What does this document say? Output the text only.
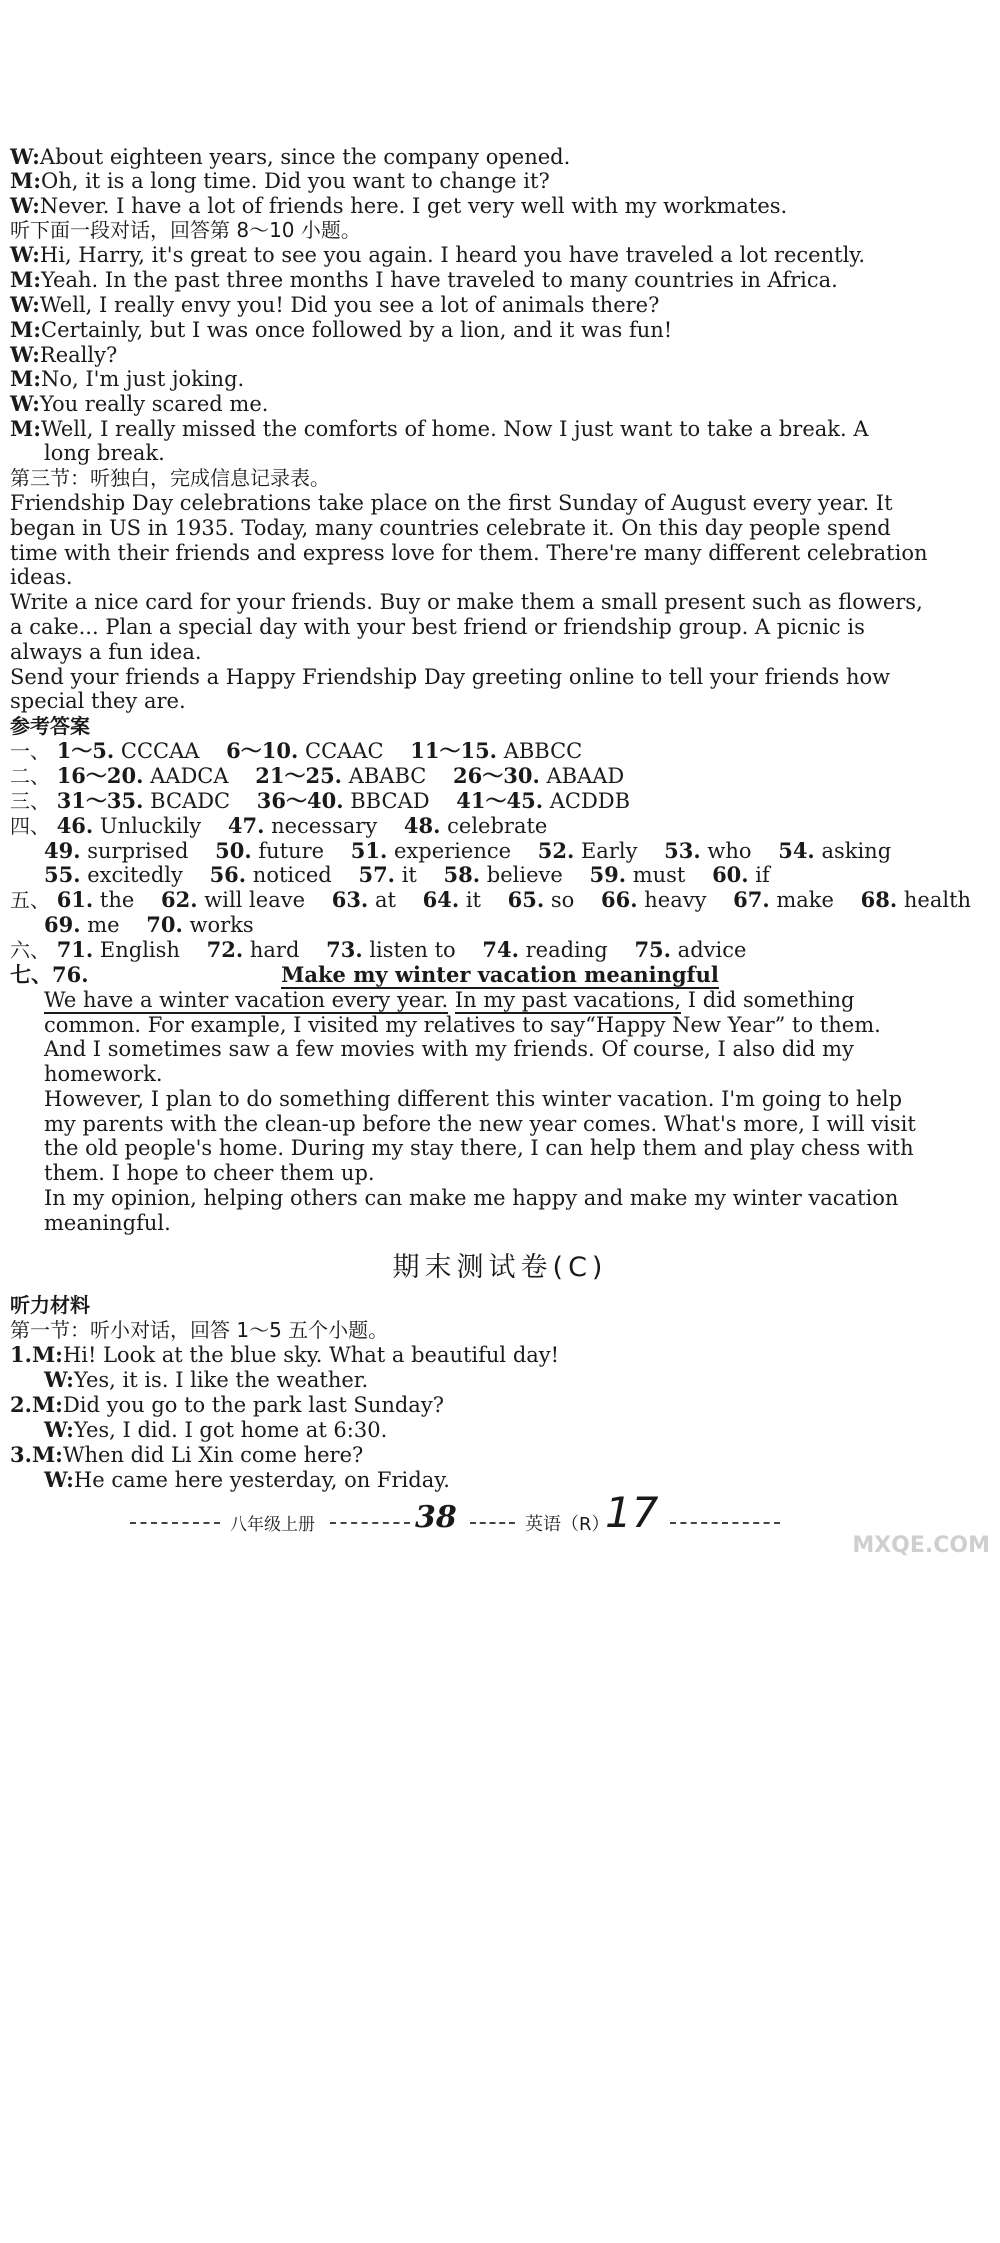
W:About eighteen years, since the company opened.
M:Oh, it is a long time. Did you want to change it?
W:Never. I have a lot of friends here. I get very well with my workmates.
听下面一段对话，回答第 8～10 小题。
W:Hi, Harry, it's great to see you again. I heard you have traveled a lot recently.
M:Yeah. In the past three months I have traveled to many countries in Africa.
W:Well, I really envy you! Did you see a lot of animals there?
M:Certainly, but I was once followed by a lion, and it was fun!
W:Really?
M:No, I'm just joking.
W:You really scared me.
M:Well, I really missed the comforts of home. Now I just want to take a break. A
long break.
第三节：听独白，完成信息记录表。
Friendship Day celebrations take place on the first Sunday of August every year. It
began in US in 1935. Today, many countries celebrate it. On this day people spend
time with their friends and express love for them. There're many different celebration
ideas.
Write a nice card for your friends. Buy or make them a small present such as flowers,
a cake... Plan a special day with your best friend or friendship group. A picnic is
always a fun idea.
Send your friends a Happy Friendship Day greeting online to tell your friends how
special they are.
参考答案
一、 1～5. CCCAA 6～10. CCAAC 11～15. ABBCC
二、 16～20. AADCA 21～25. ABABC 26～30. ABAAD
三、 31～35. BCADC 36～40. BBCAD 41～45. ACDDB
四、 46. Unluckily 47. necessary 48. celebrate
49. surprised 50. future 51. experience 52. Early 53. who 54. asking
55. excitedly 56. noticed 57. it 58. believe 59. must 60. if
五、 61. the 62. will leave 63. at 64. it 65. so 66. heavy 67. make 68. health
69. me 70. works
六、 71. English 72. hard 73. listen to 74. reading 75. advice
七、76.	Make my winter vacation meaningful
We have a winter vacation every year. In my past vacations, I did something
common. For example, I visited my relatives to say“Happy New Year” to them.
And I sometimes saw a few movies with my friends. Of course, I also did my
homework.
However, I plan to do something different this winter vacation. I'm going to help
my parents with the clean-up before the new year comes. What's more, I will visit
the old people's home. During my stay there, I can help them and play chess with
them. I hope to cheer them up.
In my opinion, helping others can make me happy and make my winter vacation
meaningful.
期末测试卷(C)
听力材料
第一节：听小对话，回答 1～5 五个小题。
1.M:Hi! Look at the blue sky. What a beautiful day!
W:Yes, it is. I like the weather.
2.M:Did you go to the park last Sunday?
W:Yes, I did. I got home at 6:30.
3.M:When did Li Xin come here?
W:He came here yesterday, on Friday.
八年级上册	38	英语（R）
17
MXQE.COM
